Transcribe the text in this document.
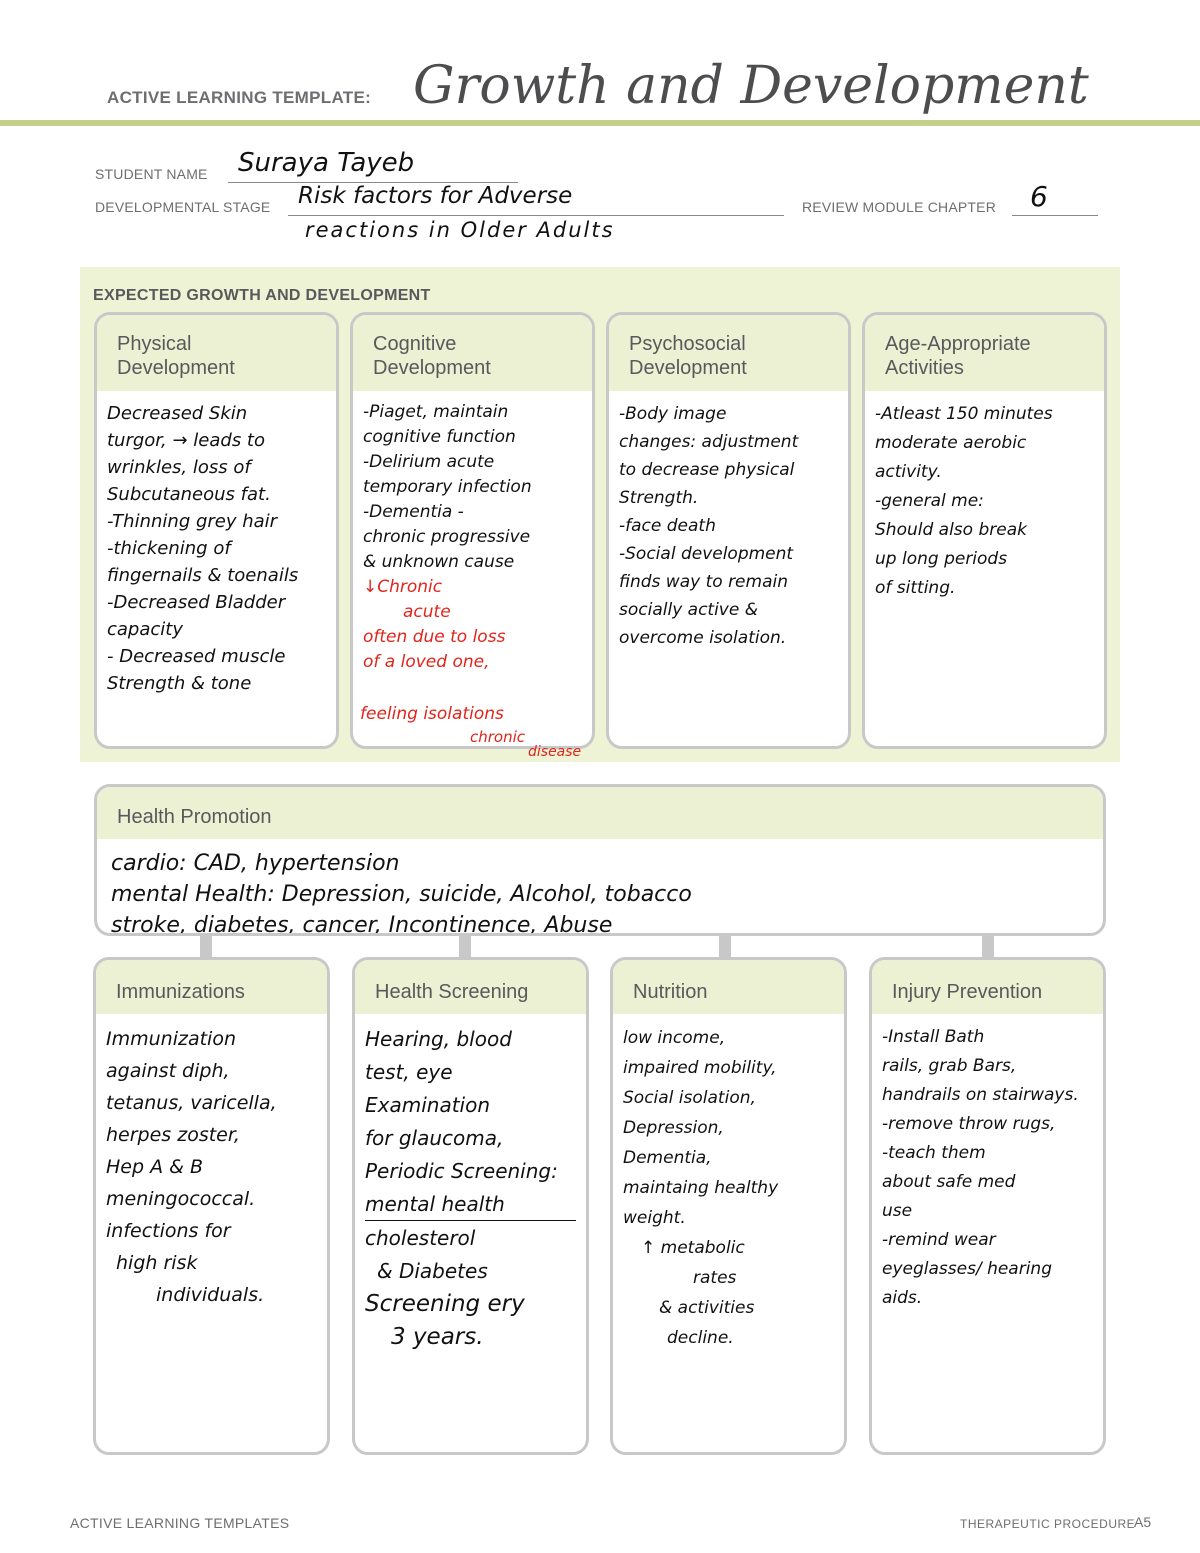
ACTIVE LEARNING TEMPLATE: Growth and Development
STUDENT NAME Suraya Tayeb
DEVELOPMENTAL STAGE Risk factors for Adverse
reactions in Older Adults
REVIEW MODULE CHAPTER 6
EXPECTED GROWTH AND DEVELOPMENT
Physical
Development
Decreased Skin
turgor, → leads to
wrinkles, loss of
Subcutaneous fat.
-Thinning grey hair
-thickening of
fingernails & toenails
-Decreased Bladder
capacity
- Decreased muscle
Strength & tone
Cognitive
Development
-Piaget, maintain
cognitive function
-Delirium acute
temporary infection
-Dementia -
chronic progressive
& unknown cause
↓Chronic
acute
often due to loss
of a loved one,
feeling isolations
chronic
disease
Psychosocial
Development
-Body image
changes: adjustment
to decrease physical
Strength.
-face death
-Social development
finds way to remain
socially active &
overcome isolation.
Age-Appropriate
Activities
-Atleast 150 minutes
moderate aerobic
activity.
-general me:
Should also break
up long periods
of sitting.
Health Promotion
cardio: CAD, hypertension
mental Health: Depression, suicide, Alcohol, tobacco
stroke, diabetes, cancer, Incontinence, Abuse
Immunizations
Immunization
against diph,
tetanus, varicella,
herpes zoster,
Hep A & B
meningococcal.
infections for
high risk
individuals.
Health Screening
Hearing, blood
test, eye
Examination
for glaucoma,
Periodic Screening:
mental health
cholesterol
& Diabetes
Screening ery
3 years.
Nutrition
low income,
impaired mobility,
Social isolation,
Depression,
Dementia,
maintaing healthy
weight.
↑ metabolic
rates
& activities
decline.
Injury Prevention
-Install Bath
rails, grab Bars,
handrails on stairways.
-remove throw rugs,
-teach them
about safe med
use
-remind wear
eyeglasses/ hearing
aids.
ACTIVE LEARNING TEMPLATES	THERAPEUTIC PROCEDURE
A5
